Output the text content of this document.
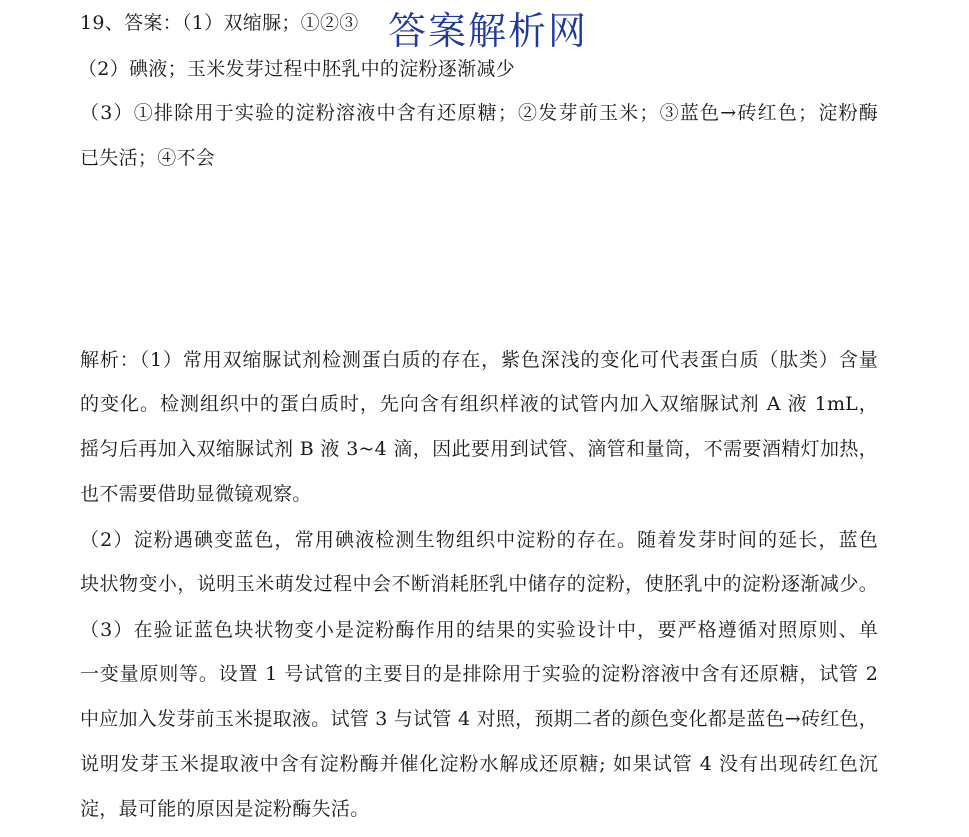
答案解析网
19、答案：（1）双缩脲；①②③
（2）碘液；玉米发芽过程中胚乳中的淀粉逐渐减少
（3）①排除用于实验的淀粉溶液中含有还原糖；②发芽前玉米；③蓝色→砖红色；淀粉酶
已失活；④不会
解析：（1）常用双缩脲试剂检测蛋白质的存在，紫色深浅的变化可代表蛋白质（肽类）含量
的变化。检测组织中的蛋白质时，先向含有组织样液的试管内加入双缩脲试剂 A 液 1mL，
摇匀后再加入双缩脲试剂 B 液 3~4 滴，因此要用到试管、滴管和量筒，不需要酒精灯加热，
也不需要借助显微镜观察。
（2）淀粉遇碘变蓝色，常用碘液检测生物组织中淀粉的存在。随着发芽时间的延长，蓝色
块状物变小，说明玉米萌发过程中会不断消耗胚乳中储存的淀粉，使胚乳中的淀粉逐渐减少。
（3）在验证蓝色块状物变小是淀粉酶作用的结果的实验设计中，要严格遵循对照原则、单
一变量原则等。设置 1 号试管的主要目的是排除用于实验的淀粉溶液中含有还原糖，试管 2
中应加入发芽前玉米提取液。试管 3 与试管 4 对照，预期二者的颜色变化都是蓝色→砖红色，
说明发芽玉米提取液中含有淀粉酶并催化淀粉水解成还原糖; 如果试管 4 没有出现砖红色沉
淀，最可能的原因是淀粉酶失活。
